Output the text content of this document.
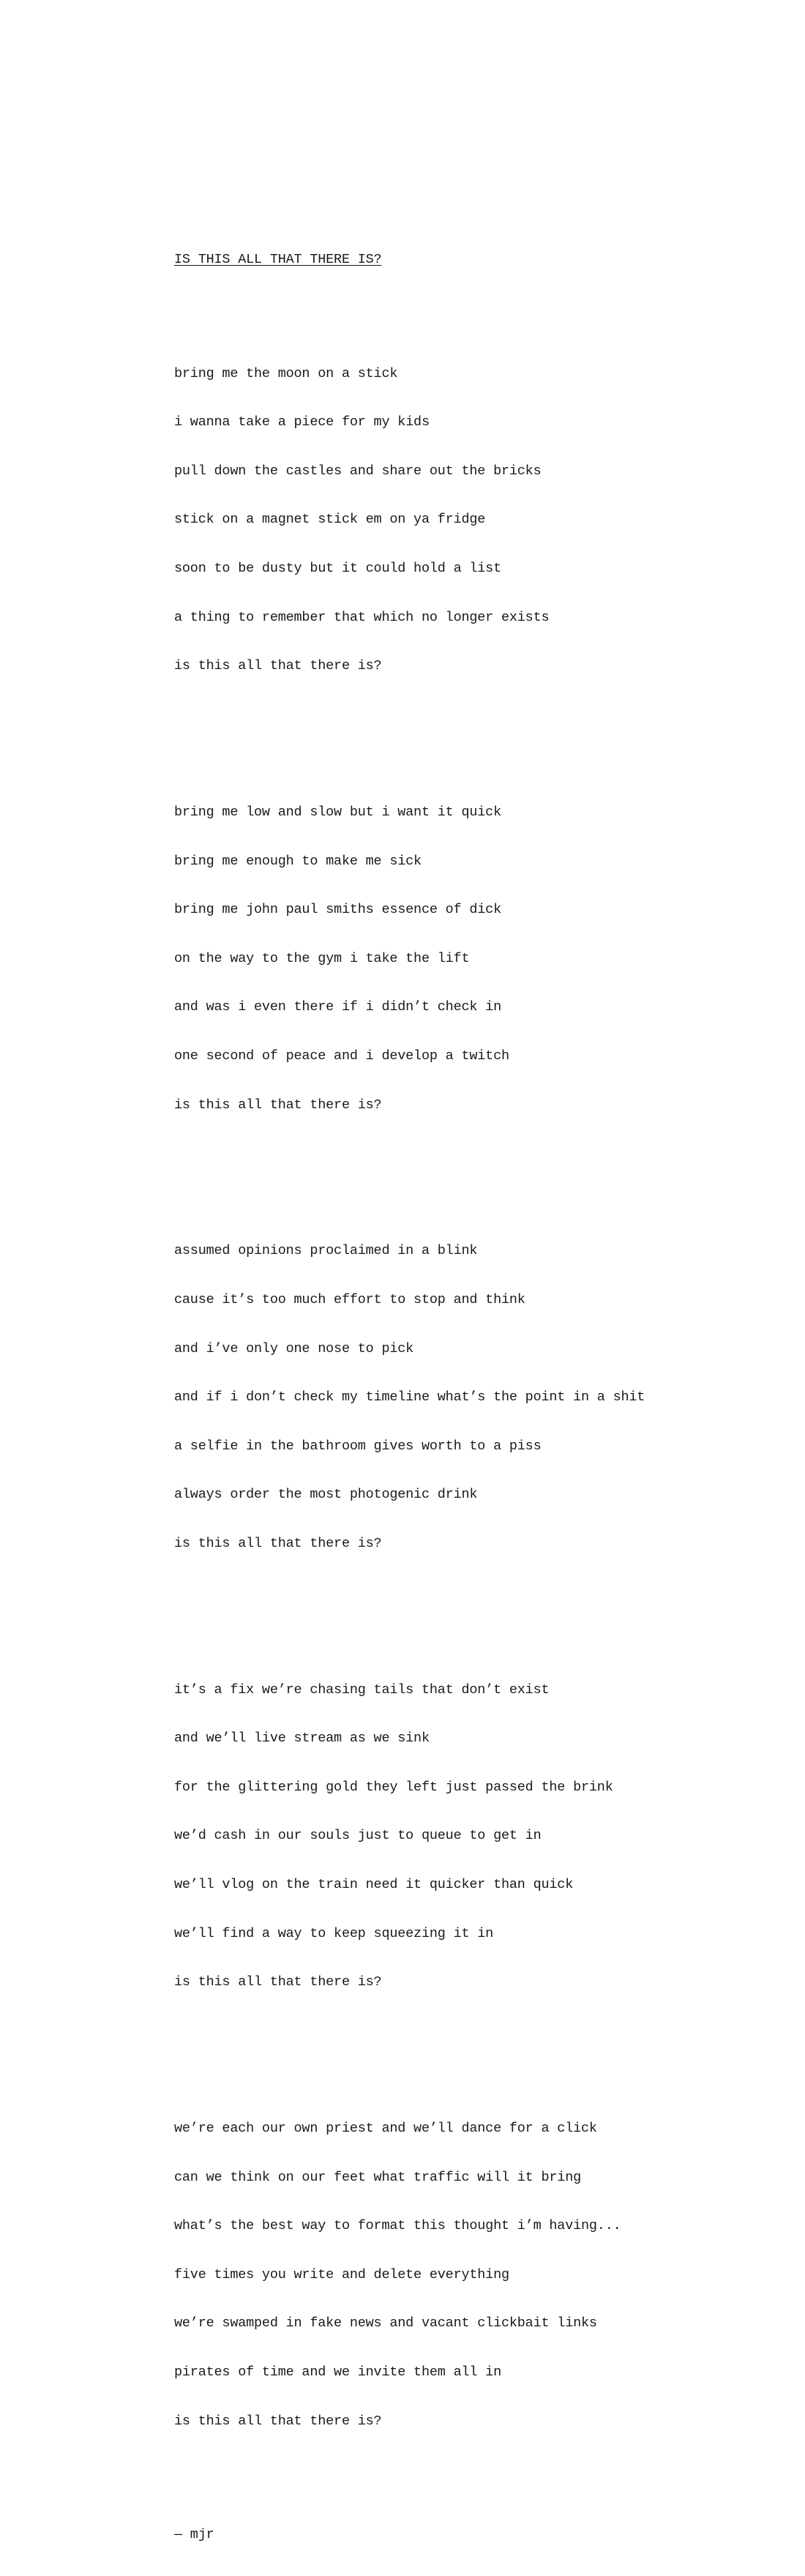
IS THIS ALL THAT THERE IS?

bring me the moon on a stick

i wanna take a piece for my kids

pull down the castles and share out the bricks

stick on a magnet stick em on ya fridge

soon to be dusty but it could hold a list

a thing to remember that which no longer exists

is this all that there is?

bring me low and slow but i want it quick

bring me enough to make me sick

bring me john paul smiths essence of dick

on the way to the gym i take the lift

and was i even there if i didn’t check in

one second of peace and i develop a twitch

is this all that there is?

assumed opinions proclaimed in a blink

cause it’s too much effort to stop and think

and i’ve only one nose to pick

and if i don’t check my timeline what’s the point in a shit

a selfie in the bathroom gives worth to a piss

always order the most photogenic drink

is this all that there is?

it’s a fix we’re chasing tails that don’t exist

and we’ll live stream as we sink

for the glittering gold they left just passed the brink

we’d cash in our souls just to queue to get in

we’ll vlog on the train need it quicker than quick

we’ll find a way to keep squeezing it in

is this all that there is?

we’re each our own priest and we’ll dance for a click

can we think on our feet what traffic will it bring

what’s the best way to format this thought i’m having...

five times you write and delete everything

we’re swamped in fake news and vacant clickbait links

pirates of time and we invite them all in

is this all that there is?

— mjr
